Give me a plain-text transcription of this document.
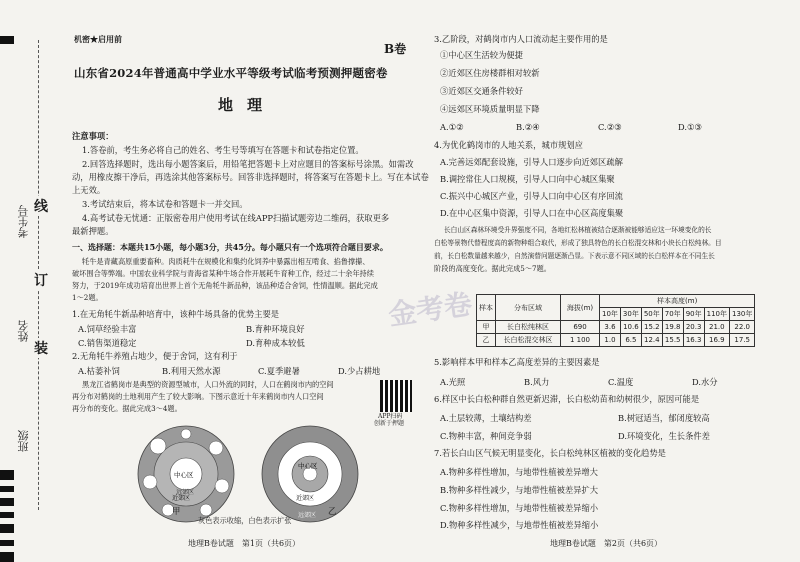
考生号
姓名
班级
线
订
装
机密★启用前
B卷
山东省2024年普通高中学业水平等级考试临考预测押题密卷
地理
注意事项：
1.答卷前，考生务必将自己的姓名、考生号等填写在答题卡和试卷指定位置。
2.回答选择题时，选出每小题答案后，用铅笔把答题卡上对应题目的答案标号涂黑。如需改
动，用橡皮擦干净后，再选涂其他答案标号。回答非选择题时，将答案写在答题卡上。写在本试卷
上无效。
3.考试结束后，将本试卷和答题卡一并交回。
4.高考试卷无忧通：正版密卷用户使用考试在线APP扫描试题旁边二维码，获取更多
最新押题。
一、选择题：本题共15小题，每小题3分，共45分。每小题只有一个选项符合题目要求。
牦牛是青藏高原重要畜种。肉质耗牛在规模化和集约化饲养中暴露出相互啃食、掐鲁撑攥、
破坏围合等弊端。中国农业科学院与青海省某种牛场合作开展耗牛育种工作，经过二十余年持续
努力，于2019年成功培育出世界上首个无角牦牛新品种，该品种适合舍饲，性情温顺。据此完成
1～2题。
1.在无角牦牛新品种培育中，该种牛场具备的优势主要是
A.饲草经验丰富	B.育种环境良好
C.销售渠道稳定	D.育种成本较低
2.无角牦牛养殖占地少，便于舍饲，这有利于
A.枯萎补饲	B.利用天然水源	C.夏季避暑	D.少占耕地
黑龙江省鹤岗市是典型的资源型城市，人口外流的同时，人口在鹤岗市内的空间
再分布对鹤岗的土地利用产生了较大影响。下图示意近十年来鹤岗市内人口空间
再分布的变化。据此完成3～4题。
APP扫码
创新于押题
中心区
近郊区
远郊区
中心区
近郊区
远郊区
甲	乙
灰色表示收缩，白色表示扩张
地理B卷试题　第1页（共6页）
金考卷
3.乙阶段，对鹤岗市内人口流动起主要作用的是
①中心区生活较为便捷
②近郊区住房楼群相对较新
③近郊区交通条件较好
④远郊区环境质量明显下降
A.①②	B.②④	C.②③	D.①③
4.为优化鹤岗市的人地关系，城市规划应
A.完善远郊配套设施，引导人口逐步向近郊区疏解
B.调控常住人口规模，引导人口向中心城区集聚
C.振兴中心城区产业，引导人口向中心区有序回流
D.在中心区集中资源，引导人口在中心区高度集聚
长白山区森林环境受升界强度不同，各地红松林植被结合逐渐被能够适应这一环境变化的长
白松等景物代替程度高的新物种组合取代，形成了独具特色的长白松混交林和小块长白松纯林。目
前，长白松数量越来越少，自然演替问题逐渐凸显。下表示意不同区域的长白松样本在不同生长
阶段的高度变化。据此完成5～7题。
样本	分布区域	海拔(m)	样本高度(m)						
			10年	30年	50年	70年	90年	110年	130年
甲	长白松纯林区	690	3.6	10.6	15.2	19.8	20.3	21.0	22.0
乙	长白松混交林区	1 100	1.0	6.5	12.4	15.5	16.3	16.9	17.5
5.影响样本甲和样本乙高度差异的主要因素是
A.光照	B.风力	C.温度	D.水分
6.样区中长白松种群自然更新迟滞，长白松幼苗和幼树很少，原因可能是
A.土层较薄，土壤结构差	B.树冠适当，郁闭度较高
C.物种丰富，种间竞争弱	D.环境变化，生长条件差
7.若长白山区气候无明显变化，长白松纯林区植被的变化趋势是
A.物种多样性增加，与地带性植被差异增大
B.物种多样性减少，与地带性植被差异扩大
C.物种多样性增加，与地带性植被差异缩小
D.物种多样性减少，与地带性植被差异缩小
地理B卷试题　第2页（共6页）
